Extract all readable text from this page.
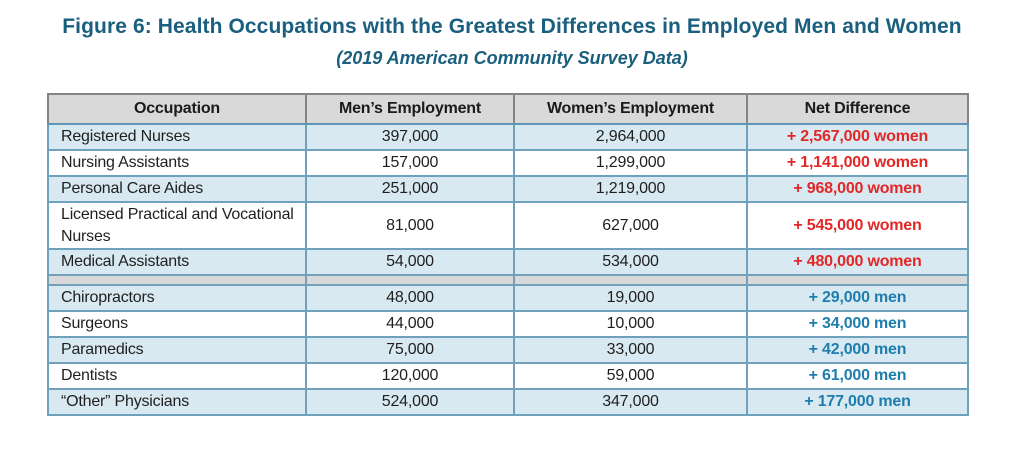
Figure 6: Health Occupations with the Greatest Differences in Employed Men and Women
(2019 American Community Survey Data)
Occupation	Men’s Employment	Women’s Employment	Net Difference
Registered Nurses	397,000	2,964,000	+ 2,567,000 women
Nursing Assistants	157,000	1,299,000	+ 1,141,000 women
Personal Care Aides	251,000	1,219,000	+ 968,000 women
Licensed Practical and Vocational Nurses	81,000	627,000	+ 545,000 women
Medical Assistants	54,000	534,000	+ 480,000 women

Chiropractors	48,000	19,000	+ 29,000 men
Surgeons	44,000	10,000	+ 34,000 men
Paramedics	75,000	33,000	+ 42,000 men
Dentists	120,000	59,000	+ 61,000 men
“Other” Physicians	524,000	347,000	+ 177,000 men
